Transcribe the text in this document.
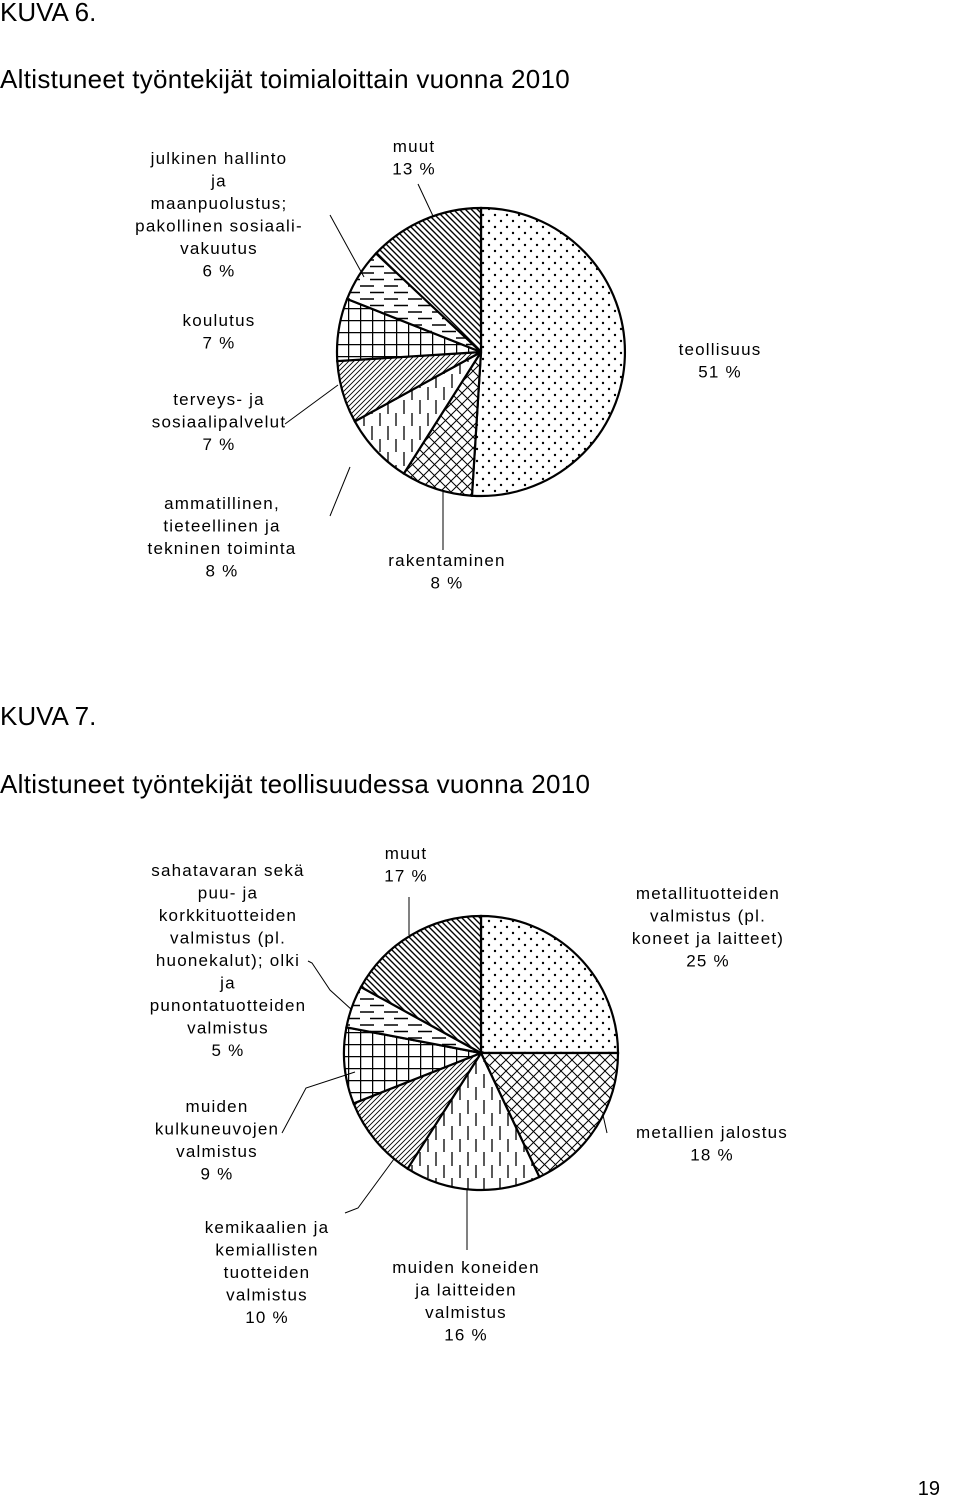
KUVA 6.
Altistuneet työntekijät toimialoittain vuonna 2010
teollisuus
51 %
rakentaminen
8 %
ammatillinen,
tieteellinen ja
tekninen toiminta
8 %
terveys- ja
sosiaalipalvelut
7 %
koulutus
7 %
julkinen hallinto
ja
maanpuolustus;
pakollinen sosiaali-
vakuutus
6 %
muut
13 %
KUVA 7.
Altistuneet työntekijät teollisuudessa vuonna 2010
metallituotteiden
valmistus (pl.
koneet ja laitteet)
25 %
metallien jalostus
18 %
muiden koneiden
ja laitteiden
valmistus
16 %
kemikaalien ja
kemiallisten
tuotteiden
valmistus
10 %
muiden
kulkuneuvojen
valmistus
9 %
sahatavaran sekä
puu- ja
korkkituotteiden
valmistus (pl.
huonekalut); olki
ja
punontatuotteiden
valmistus
5 %
muut
17 %
19
